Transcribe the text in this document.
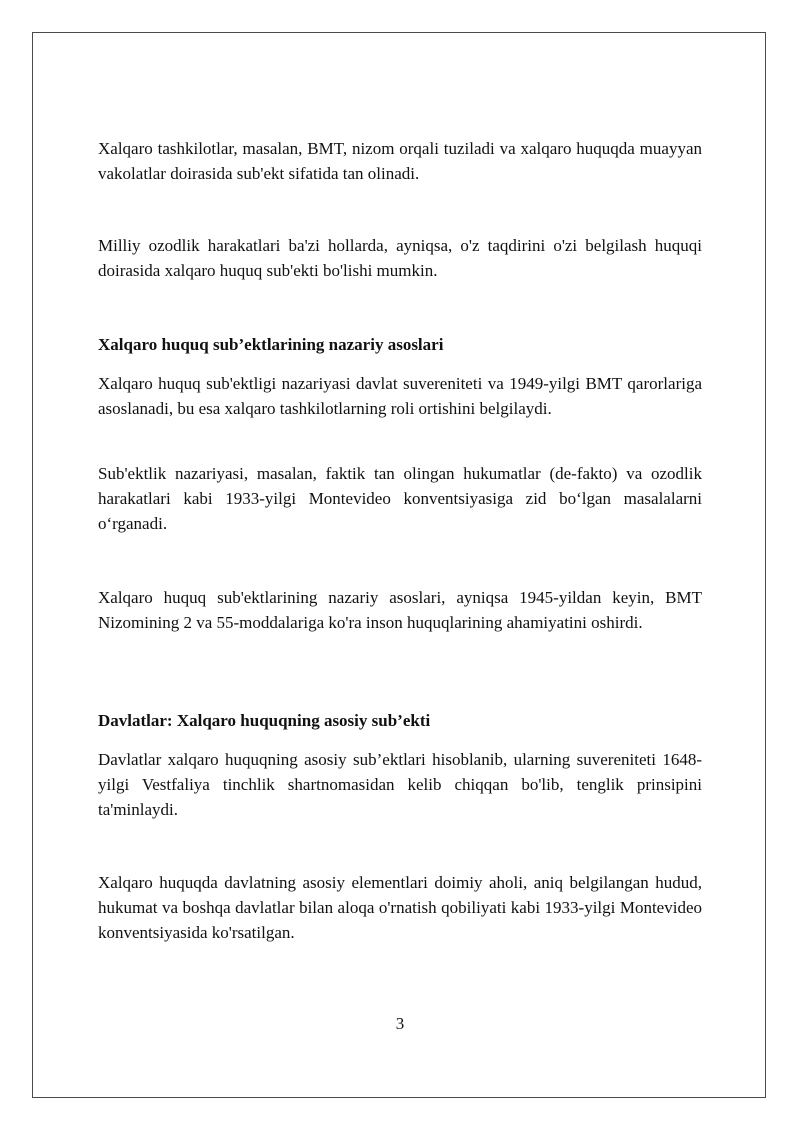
Xalqaro tashkilotlar, masalan, BMT, nizom orqali tuziladi va xalqaro huquqda muayyan vakolatlar doirasida sub'ekt sifatida tan olinadi.

Milliy ozodlik harakatlari ba'zi hollarda, ayniqsa, o'z taqdirini o'zi belgilash huquqi doirasida xalqaro huquq sub'ekti bo'lishi mumkin.

Xalqaro huquq sub’ektlarining nazariy asoslari

Xalqaro huquq sub'ektligi nazariyasi davlat suvereniteti va 1949-yilgi BMT qarorlariga asoslanadi, bu esa xalqaro tashkilotlarning roli ortishini belgilaydi.

Sub'ektlik nazariyasi, masalan, faktik tan olingan hukumatlar (de-fakto) va ozodlik harakatlari kabi 1933-yilgi Montevideo konventsiyasiga zid bo‘lgan masalalarni o‘rganadi.

Xalqaro huquq sub'ektlarining nazariy asoslari, ayniqsa 1945-yildan keyin, BMT Nizomining 2 va 55-moddalariga ko'ra inson huquqlarining ahamiyatini oshirdi.

Davlatlar: Xalqaro huquqning asosiy sub’ekti

Davlatlar xalqaro huquqning asosiy sub’ektlari hisoblanib, ularning suvereniteti 1648-yilgi Vestfaliya tinchlik shartnomasidan kelib chiqqan bo'lib, tenglik prinsipini ta'minlaydi.

Xalqaro huquqda davlatning asosiy elementlari doimiy aholi, aniq belgilangan hudud, hukumat va boshqa davlatlar bilan aloqa o'rnatish qobiliyati kabi 1933-yilgi Montevideo konventsiyasida ko'rsatilgan.

3
